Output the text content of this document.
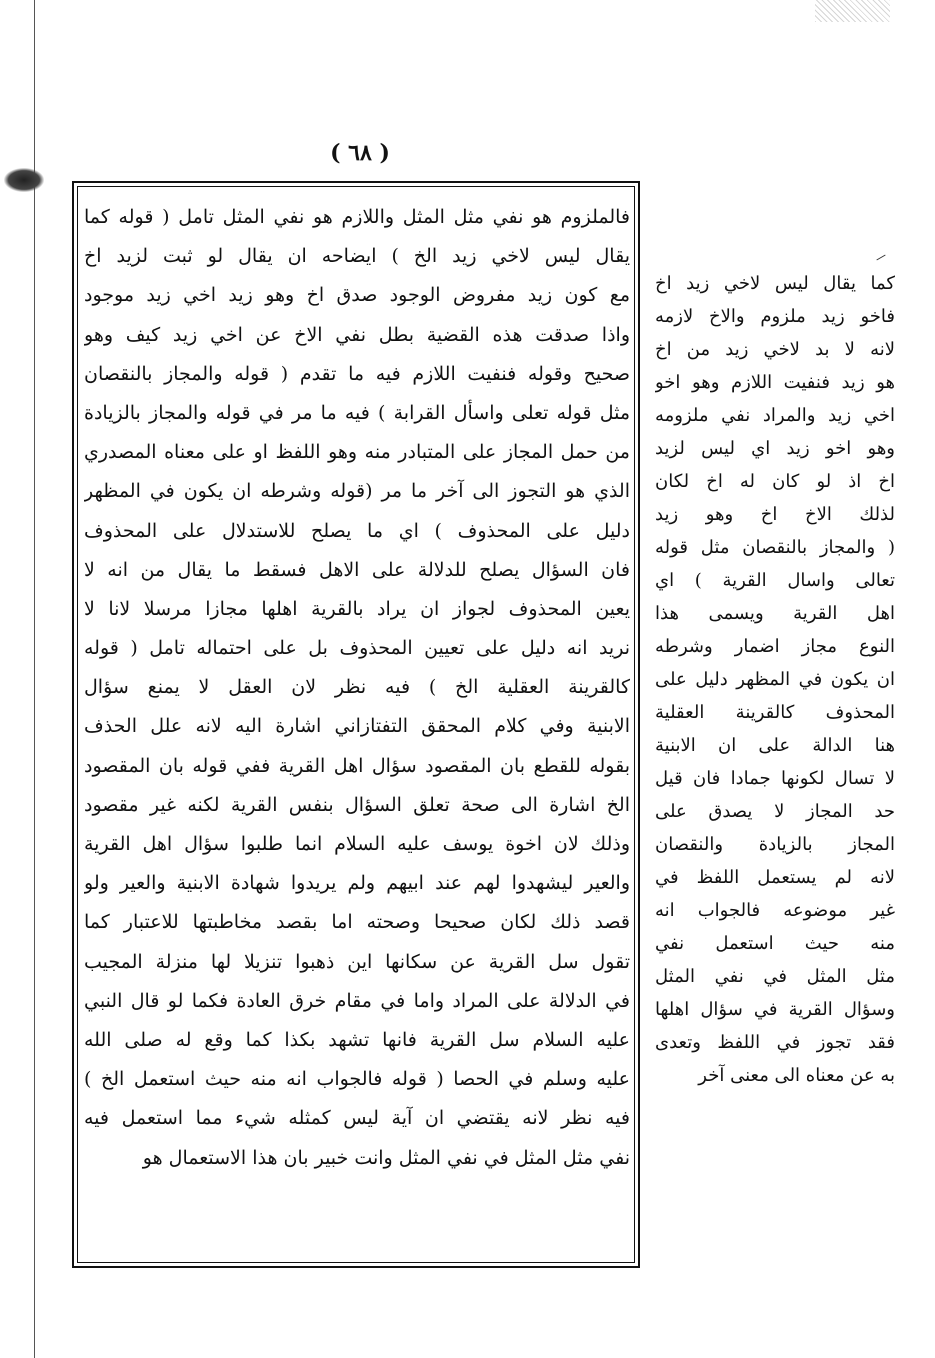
( ٦٨ )
فالملزوم هو نفي مثل المثل واللازم هو نفي المثل تامل ( قوله كما
يقال ليس لاخي زيد الخ ) ايضاحه ان يقال لو ثبت لزيد اخ
مع كون زيد مفروض الوجود صدق اخ وهو زيد اخي زيد موجود
واذا صدقت هذه القضية بطل نفي الاخ عن اخي زيد كيف وهو
صحيح وقوله فنفيت اللازم فيه ما تقدم ( قوله والمجاز بالنقصان
مثل قوله تعلى واسأل القرابة ) فيه ما مر في قوله والمجاز بالزيادة
من حمل المجاز على المتبادر منه وهو اللفظ او على معناه المصدري
الذي هو التجوز الى آخر ما مر (قوله وشرطه ان يكون في المظهر
دليل على المحذوف ) اي ما يصلح للاستدلال على المحذوف
فان السؤال يصلح للدلالة على الاهل فسقط ما يقال من انه لا
يعين المحذوف لجواز ان يراد بالقرية اهلها مجازا مرسلا لانا لا
نريد انه دليل على تعيين المحذوف بل على احتماله تامل ( قوله
كالقرينة العقلية الخ ) فيه نظر لان العقل لا يمنع سؤال
الابنية وفي كلام المحقق التفتازاني اشارة اليه لانه علل الحذف
بقوله للقطع بان المقصود سؤال اهل القرية ففي قوله بان المقصود
الخ اشارة الى صحة تعلق السؤال بنفس القرية لكنه غير مقصود
وذلك لان اخوة يوسف عليه السلام انما طلبوا سؤال اهل القرية
والعير ليشهدوا لهم عند ابيهم ولم يريدوا شهادة الابنية والعير ولو
قصد ذلك لكان صحيحا وصحته اما بقصد مخاطبتها للاعتبار كما
تقول سل القرية عن سكانها اين ذهبوا تنزيلا لها منزلة المجيب
في الدلالة على المراد واما في مقام خرق العادة فكما لو قال النبي
عليه السلام سل القرية فانها تشهد بكذا كما وقع له صلى الله
عليه وسلم في الحصا ( قوله فالجواب انه منه حيث استعمل الخ )
فيه نظر لانه يقتضي ان آية ليس كمثله شيء مما استعمل فيه
نفي مثل المثل في نفي المثل وانت خبير بان هذا الاستعمال هو
كما يقال ليس لاخي زيد اخ
فاخو زيد ملزوم والاخ لازمه
لانه لا بد لاخي زيد من اخ
هو زيد فنفيت اللازم وهو اخو
اخي زيد والمراد نفي ملزومه
وهو اخو زيد اي ليس لزيد
اخ اذ لو كان له اخ لكان
لذلك الاخ اخ وهو زيد
( والمجاز بالنقصان مثل قوله
تعالى واسال القرية ) اي
اهل القرية ويسمى هذا
النوع مجاز اضمار وشرطه
ان يكون في المظهر دليل على
المحذوف كالقرينة العقلية
هنا الدالة على ان الابنية
لا تسال لكونها جمادا فان قيل
حد المجاز لا يصدق على
المجاز بالزيادة والنقصان
لانه لم يستعمل اللفظ في
غير موضوعه فالجواب انه
منه حيث استعمل نفي
مثل المثل في نفي المثل
وسؤال القرية في سؤال اهلها
فقد تجوز في اللفظ وتعدى
به عن معناه الى معنى آخر
